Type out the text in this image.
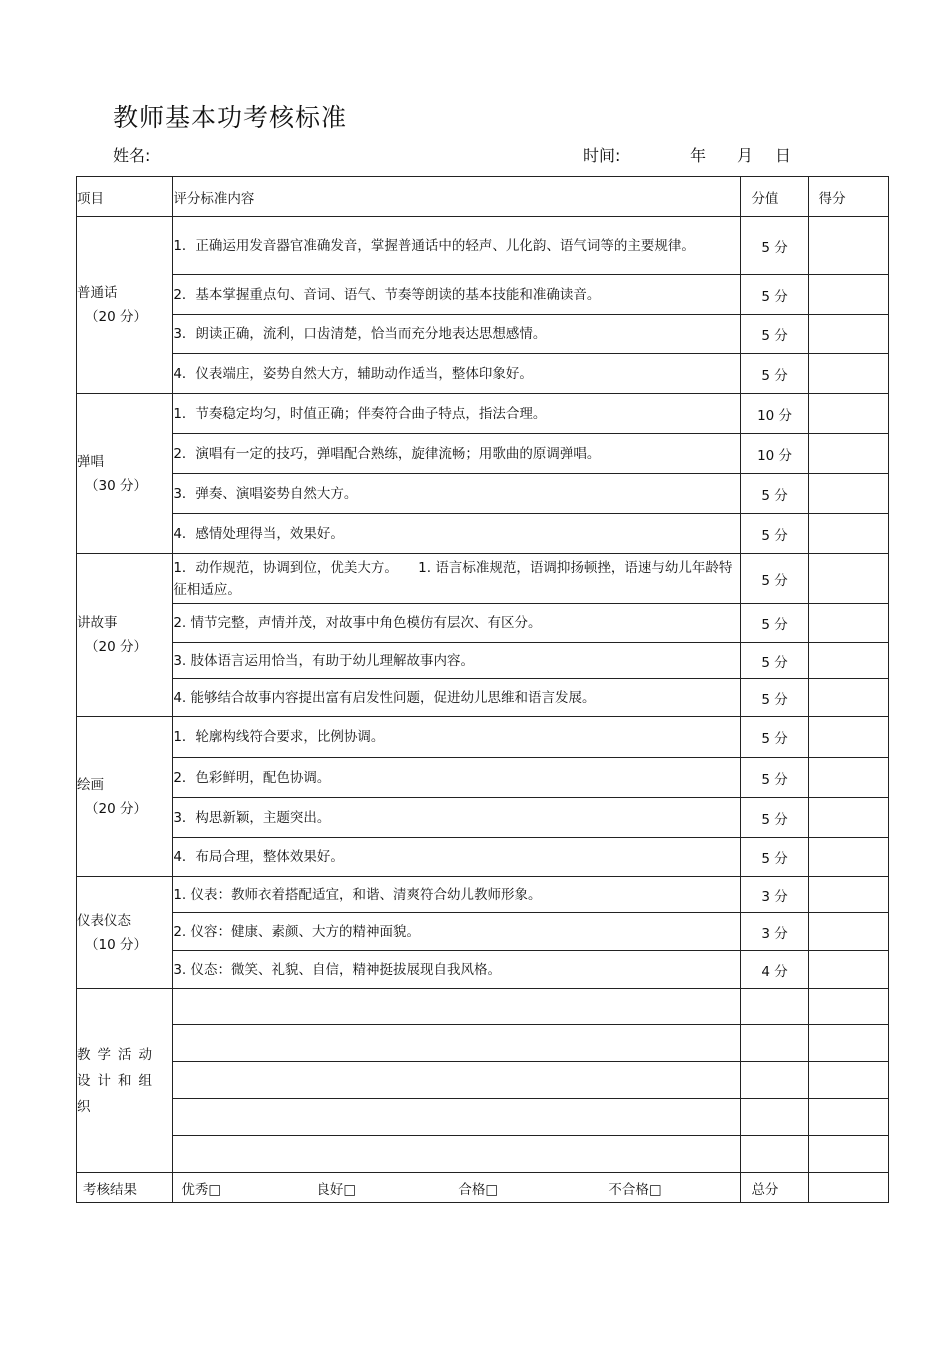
教师基本功考核标准
姓名:	时间:	年 月 日
项目	评分标准内容	分值	得分
普通话
（20 分）	1．正确运用发音器官准确发音，掌握普通话中的轻声、儿化韵、语气词等的主要规律。	5 分	
	2．基本掌握重点句、音词、语气、节奏等朗读的基本技能和准确读音。	5 分	
	3．朗读正确，流利，口齿清楚，恰当而充分地表达思想感情。	5 分	
	4．仪表端庄，姿势自然大方，辅助动作适当，整体印象好。	5 分	
弹唱
（30 分）	1．节奏稳定均匀，时值正确；伴奏符合曲子特点，指法合理。	10 分	
	2．演唱有一定的技巧，弹唱配合熟练，旋律流畅；用歌曲的原调弹唱。	10 分	
	3．弹奏、演唱姿势自然大方。	5 分	
	4．感情处理得当，效果好。	5 分	
讲故事
（20 分）	1．动作规范，协调到位，优美大方。　　1. 语言标准规范，语调抑扬顿挫，语速与幼儿年龄特征相适应。	5 分	
	2. 情节完整，声情并茂，对故事中角色模仿有层次、有区分。	5 分	
	3. 肢体语言运用恰当，有助于幼儿理解故事内容。	5 分	
	4. 能够结合故事内容提出富有启发性问题，促进幼儿思维和语言发展。	5 分	
绘画
（20 分）	1．轮廓构线符合要求，比例协调。	5 分	
	2．色彩鲜明，配色协调。	5 分	
	3．构思新颖，主题突出。	5 分	
	4．布局合理，整体效果好。	5 分	
仪表仪态
（10 分）	1. 仪表：教师衣着搭配适宜，和谐、清爽符合幼儿教师形象。	3 分	
	2. 仪容：健康、素颜、大方的精神面貌。	3 分	
	3. 仪态：微笑、礼貌、自信，精神挺拔展现自我风格。	4 分	
教学活动设计和组织			

考核结果	优秀□ 良好□ 合格□ 不合格□	总分	
